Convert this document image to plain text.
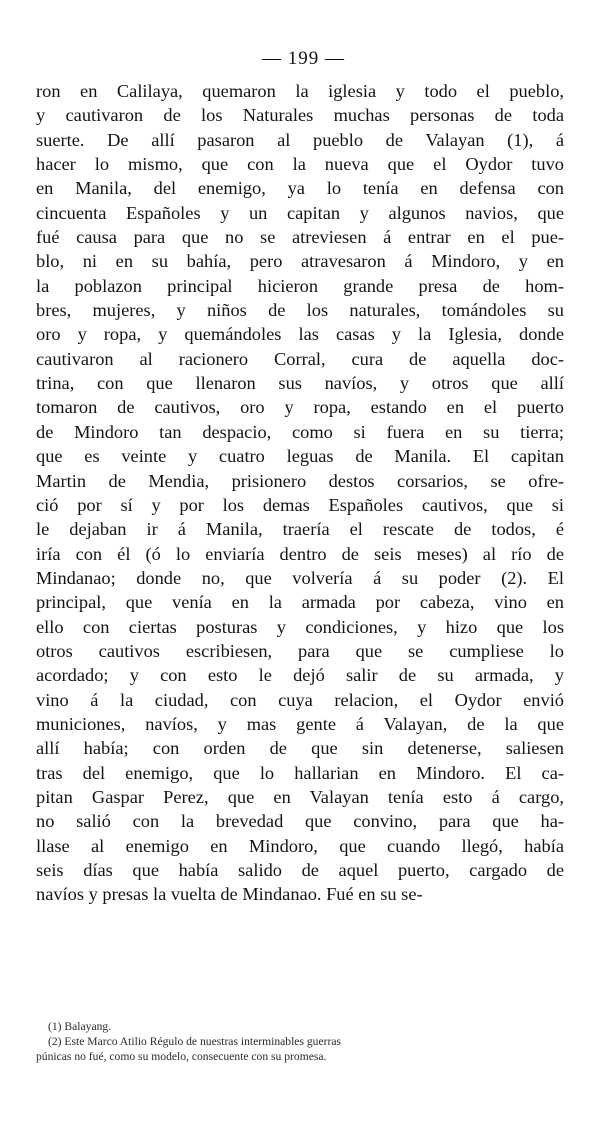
— 199 —
ron en Calilaya, quemaron la iglesia y todo el pueblo,
y cautivaron de los Naturales muchas personas de toda
suerte. De allí pasaron al pueblo de Valayan (1), á
hacer lo mismo, que con la nueva que el Oydor tuvo
en Manila, del enemigo, ya lo tenía en defensa con
cincuenta Españoles y un capitan y algunos navios, que
fué causa para que no se atreviesen á entrar en el pue-
blo, ni en su bahía, pero atravesaron á Mindoro, y en
la poblazon principal hicieron grande presa de hom-
bres, mujeres, y niños de los naturales, tomándoles su
oro y ropa, y quemándoles las casas y la Iglesia, donde
cautivaron al racionero Corral, cura de aquella doc-
trina, con que llenaron sus navíos, y otros que allí
tomaron de cautivos, oro y ropa, estando en el puerto
de Mindoro tan despacio, como si fuera en su tierra;
que es veinte y cuatro leguas de Manila. El capitan
Martin de Mendia, prisionero destos corsarios, se ofre-
ció por sí y por los demas Españoles cautivos, que si
le dejaban ir á Manila, traería el rescate de todos, é
iría con él (ó lo enviaría dentro de seis meses) al río de
Mindanao; donde no, que volvería á su poder (2). El
principal, que venía en la armada por cabeza, vino en
ello con ciertas posturas y condiciones, y hizo que los
otros cautivos escribiesen, para que se cumpliese lo
acordado; y con esto le dejó salir de su armada, y
vino á la ciudad, con cuya relacion, el Oydor envió
municiones, navíos, y mas gente á Valayan, de la que
allí había; con orden de que sin detenerse, saliesen
tras del enemigo, que lo hallarian en Mindoro. El ca-
pitan Gaspar Perez, que en Valayan tenía esto á cargo,
no salió con la brevedad que convino, para que ha-
llase al enemigo en Mindoro, que cuando llegó, había
seis días que había salido de aquel puerto, cargado de
navíos y presas la vuelta de Mindanao. Fué en su se-
(1) Balayang.
(2) Este Marco Atilio Régulo de nuestras interminables guerras
púnicas no fué, como su modelo, consecuente con su promesa.
